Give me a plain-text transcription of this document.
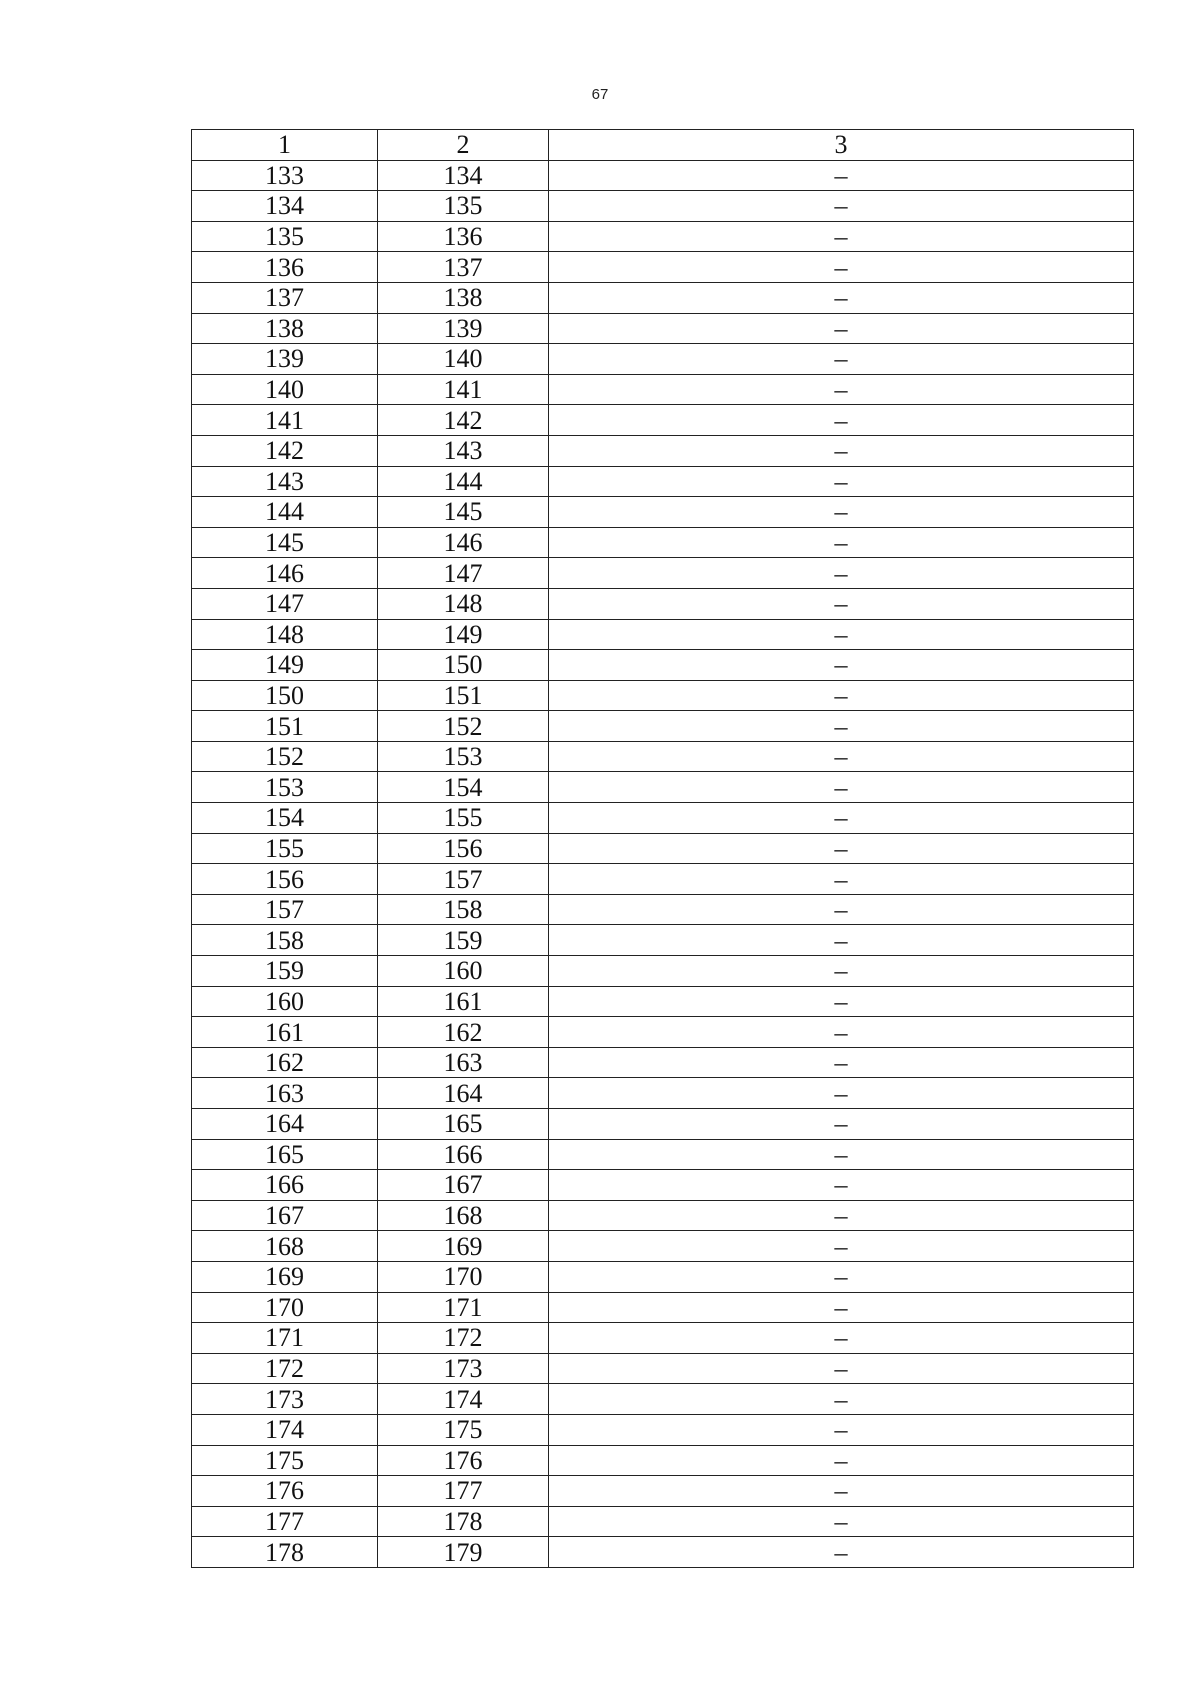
67
1	2	3
133	134	–
134	135	–
135	136	–
136	137	–
137	138	–
138	139	–
139	140	–
140	141	–
141	142	–
142	143	–
143	144	–
144	145	–
145	146	–
146	147	–
147	148	–
148	149	–
149	150	–
150	151	–
151	152	–
152	153	–
153	154	–
154	155	–
155	156	–
156	157	–
157	158	–
158	159	–
159	160	–
160	161	–
161	162	–
162	163	–
163	164	–
164	165	–
165	166	–
166	167	–
167	168	–
168	169	–
169	170	–
170	171	–
171	172	–
172	173	–
173	174	–
174	175	–
175	176	–
176	177	–
177	178	–
178	179	–
